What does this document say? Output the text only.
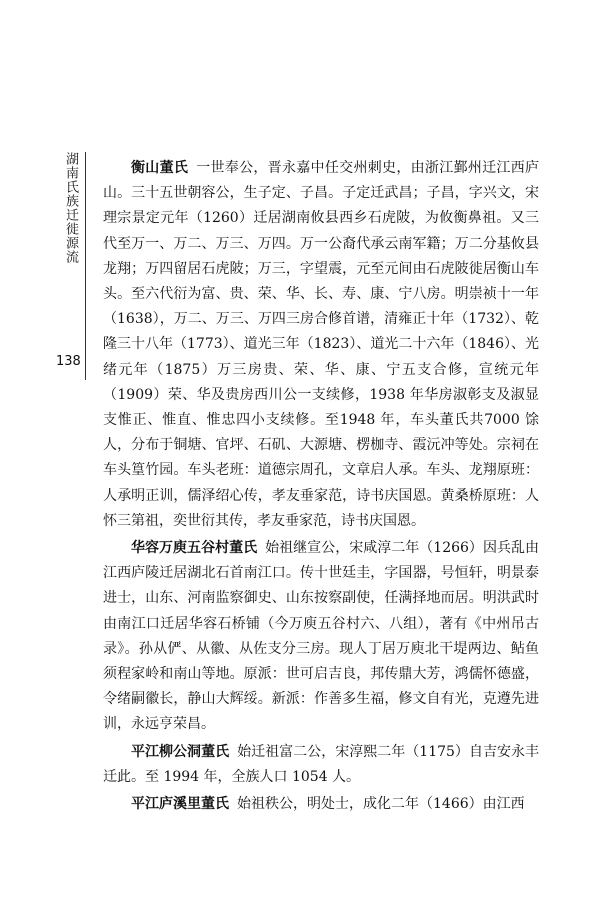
湖南氏族迁徙源流
138

衡山董氏 一世奉公，晋永嘉中任交州刺史，由浙江鄞州迁江西庐山。三十五世朝容公，生子定、子昌。子定迁武昌；子昌，字兴文，宋理宗景定元年（1260）迁居湖南攸县西乡石虎陂，为攸衡鼻祖。又三代至万一、万二、万三、万四。万一公裔代承云南军籍；万二分基攸县龙翔；万四留居石虎陂；万三，字望震，元至元间由石虎陂徙居衡山车头。至六代衍为富、贵、荣、华、长、寿、康、宁八房。明崇祯十一年（1638），万二、万三、万四三房合修首谱，清雍正十年（1732）、乾隆三十八年（1773）、道光三年（1823）、道光二十六年（1846）、光绪元年（1875）万三房贵、荣、华、康、宁五支合修，宣统元年（1909）荣、华及贵房西川公一支续修，1938 年华房淑彰支及淑显支惟正、惟直、惟忠四小支续修。至1948 年，车头董氏共7000 馀人，分布于铜塘、官坪、石矶、大源塘、楞枷寺、霞沅冲等处。宗祠在车头篁竹园。车头老班：道德宗周孔，文章启人承。车头、龙翔原班：人承明正训，儒泽绍心传，孝友垂家范，诗书庆国恩。黄桑桥原班：人怀三第祖，奕世衍其传，孝友垂家范，诗书庆国恩。

华容万庾五谷村董氏 始祖继宣公，宋咸淳二年（1266）因兵乱由江西庐陵迁居湖北石首南江口。传十世廷圭，字国器，号恒轩，明景泰进士，山东、河南监察御史、山东按察副使，任满择地而居。明洪武时由南江口迁居华容石桥铺（今万庾五谷村六、八组），著有《中州吊古录》。孙从俨、从徽、从佐支分三房。现人丁居万庾北干堤两边、鲇鱼须程家岭和南山等地。原派：世可启吉良，邦传鼎大芳，鸿儒怀德盛，令绪嗣徽长，静山大辉绥。新派：作善多生福，修文自有光，克遵先进训，永远亨荣昌。

平江柳公洞董氏 始迁祖富二公，宋淳熙二年（1175）自吉安永丰迁此。至 1994 年，全族人口 1054 人。

平江庐溪里董氏 始祖秩公，明处士，成化二年（1466）由江西
